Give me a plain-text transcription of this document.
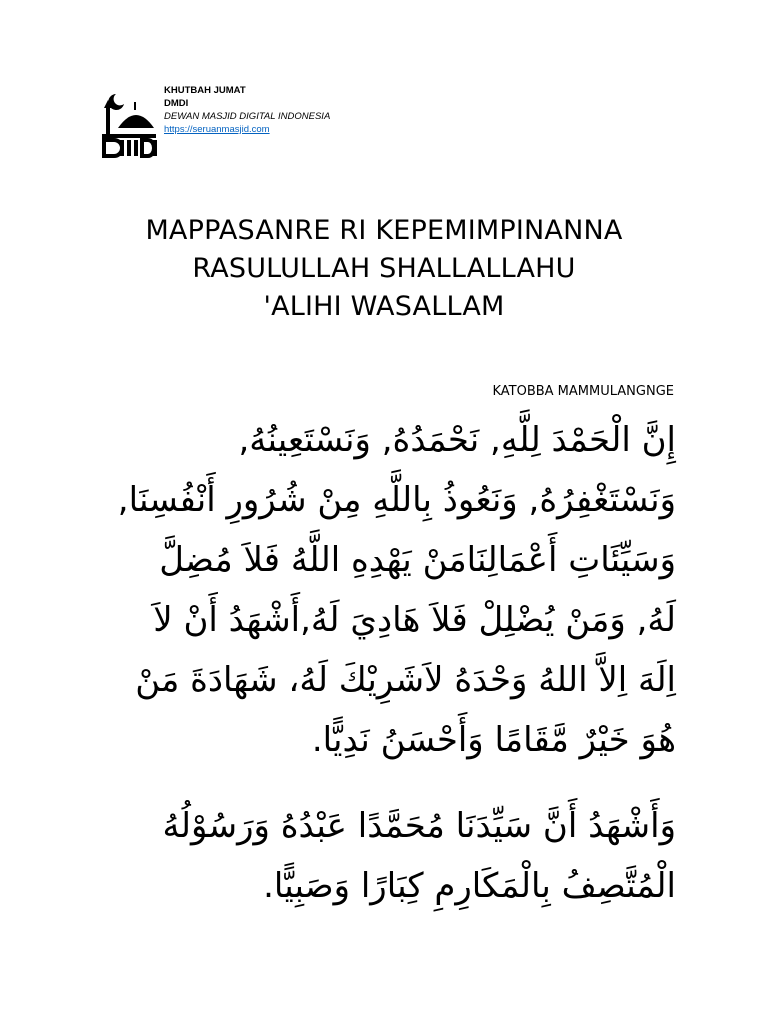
KHUTBAH JUMAT
DMDI
DEWAN MASJID DIGITAL INDONESIA
https://seruanmasjid.com
MAPPASANRE RI KEPEMIMPINANNA
RASULULLAH SHALLALLAHU
'ALIHI WASALLAM
KATOBBA MAMMULANGNGE
إِنَّ الْحَمْدَ لِلَّهِ, نَحْمَدُهُ, وَنَسْتَعِينُهُ,
وَنَسْتَغْفِرُهُ, وَنَعُوذُ بِاللَّهِ مِنْ شُرُورِ أَنْفُسِنَا,
وَسَيِّئَاتِ أَعْمَالِنَامَنْ يَهْدِهِ اللَّهُ فَلاَ مُضِلَّ
لَهُ, وَمَنْ يُضْلِلْ فَلاَ هَادِيَ لَهُ,أَشْهَدُ أَنْ لاَ
اِلَهَ اِلاَّ اللهُ وَحْدَهُ لاَشَرِيْكَ لَهُ، شَهَادَةَ مَنْ
هُوَ خَيْرٌ مَّقَامًا وَأَحْسَنُ نَدِيًّا.
وَأَشْهَدُ أَنَّ سَيِّدَنَا مُحَمَّدًا عَبْدُهُ وَرَسُوْلُهُ
الْمُتَّصِفُ بِالْمَكَارِمِ كِبَارًا وَصَبِيًّا.
